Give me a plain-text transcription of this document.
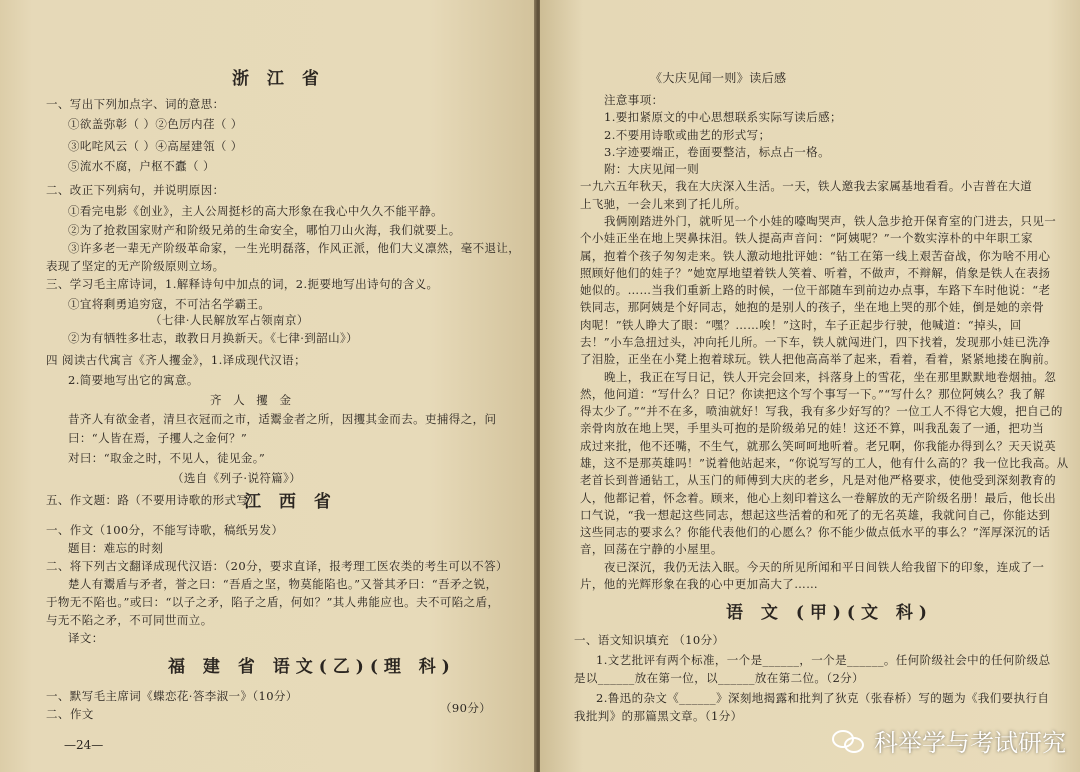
浙 江 省
一、写出下列加点字、词的意思：
①欲盖弥彰（ ）②色厉内荏（ ）
③叱咤风云（ ）④高屋建瓴（ ）
⑤流水不腐，户枢不蠹（ ）
二、改正下列病句，并说明原因：
①看完电影《创业》，主人公周挺杉的高大形象在我心中久久不能平静。
②为了抢救国家财产和阶级兄弟的生命安全，哪怕刀山火海，我们就要上。
③许多老一辈无产阶级革命家，一生光明磊落，作风正派，他们大义凛然，毫不退让，
表现了坚定的无产阶级原则立场。
三、学习毛主席诗词，1.解释诗句中加点的词，2.扼要地写出诗句的含义。
①宜将剩勇追穷寇，不可沽名学霸王。
（七律·人民解放军占领南京）
②为有牺牲多壮志，敢教日月换新天。《七律·到韶山》）
四 阅读古代寓言《齐人攫金》，1.译成现代汉语；
2.简要地写出它的寓意。
齐 人 攫 金
昔齐人有欲金者，清旦衣冠而之市，适鬻金者之所，因攫其金而去。吏捕得之，问
曰：“人皆在焉，子攫人之金何？”
对曰：“取金之时，不见人，徒见金。”
（选自《列子·说符篇》）
五、作文题：路（不要用诗歌的形式写）
江 西 省
一、作文（100分，不能写诗歌，稿纸另发）
题目：难忘的时刻
二、将下列古文翻译成现代汉语：（20分，要求直译，报考理工医农类的考生可以不答）
楚人有鬻盾与矛者，誉之曰：“吾盾之坚，物莫能陷也。”又誉其矛曰：“吾矛之锐，
于物无不陷也。”或曰：“以子之矛，陷子之盾，何如？”其人弗能应也。夫不可陷之盾，
与无不陷之矛，不可同世而立。
译文：
福 建 省 语文(乙)(理 科)
一、默写毛主席词《蝶恋花·答李淑一》（10分）
二、	（90分）
作文
—24—
《大庆见闻一则》读后感
注意事项：
1.要扣紧原文的中心思想联系实际写读后感；
2.不要用诗歌或曲艺的形式写；
3.字迹要端正，卷面要整洁，标点占一格。
附：大庆见闻一则
一九六五年秋天，我在大庆深入生活。一天，铁人邀我去家属基地看看。小吉普在大道
上飞驰，一会儿来到了托儿所。
我俩刚踏进外门，就听见一个小娃的嚎啕哭声，铁人急步抢开保育室的门进去，只见一
个小娃正坐在地上哭鼻抹泪。铁人提高声音问：“阿姨呢？”一个数实淳朴的中年职工家
属，抱着个孩子匆匆走来。铁人激动地批评她：“钻工在第一线上艰苦奋战，你为啥不用心
照顾好他们的娃子？”她宽厚地望着铁人笑着、听着，不做声，不辩解，俏象是铁人在表扬
她似的。……当我们重新上路的时候，一位干部随车到前边办点事，车路下车时他说：“老
铁同志，那阿姨是个好同志，她抱的是别人的孩子，坐在地上哭的那个娃，倒是她的亲骨
肉呢！”铁人睁大了眼：“嘿？……唉！”这时，车子正起步行驶，他喊道：“掉头，回
去！”小车急扭过头，冲向托儿所。一下车，铁人就闯进门，四下找着，发现那小娃已洗净
了泪脸，正坐在小凳上抱着球玩。铁人把他高高举了起来，看着，看着，紧紧地搂在胸前。
晚上，我正在写日记，铁人开完会回来，抖落身上的雪花，坐在那里默默地卷烟抽。忽
然，他问道：“写什么？日记？你读把这个写个事写一下。”“写什么？那位阿姨么？我了解
得太少了。”“并不在多，喷油就好！写我，我有多少好写的？一位工人不得它大嫂，把自己的
亲骨肉放在地上哭，手里头可抱的是阶级弟兄的娃！这还不算，叫我乱轰了一通，把功当
成过来批，他不还嘴，不生气，就那么笑呵呵地听着。老兄啊，你我能办得到么？天天说英
雄，这不是那英雄吗！”说着他站起来，“你说写写的工人，他有什么高的？我一位比我高。从
老首长到普通钻工，从玉门的师傅到大庆的老乡，凡是对他严格要求，使他受到深刻教育的
人，他都记着，怀念着。顾来，他心上刻印着这么一卷解放的无产阶级名册！最后，他长出
口气说，“我一想起这些同志，想起这些活着的和死了的无名英雄，我就问自己，你能达到
这些同志的要求么？你能代表他们的心愿么？你不能少做点低水平的事么？”浑厚深沉的话
音，回荡在宁静的小屋里。
夜已深沉，我仍无法入眠。今天的所见所闻和平日间铁人给我留下的印象，连成了一
片，他的光辉形象在我的心中更加高大了……
语 文 (甲)(文 科)
一、语文知识填充 （10分）
1.文艺批评有两个标准，一个是______，一个是______。任何阶级社会中的任何阶级总
是以______放在第一位，以______放在第二位。（2分）
2.鲁迅的杂文《______》深刻地揭露和批判了狄克（张春桥）写的题为《我们要执行自
我批判》的那篇黑文章。（1分）
科举学与考试研究
